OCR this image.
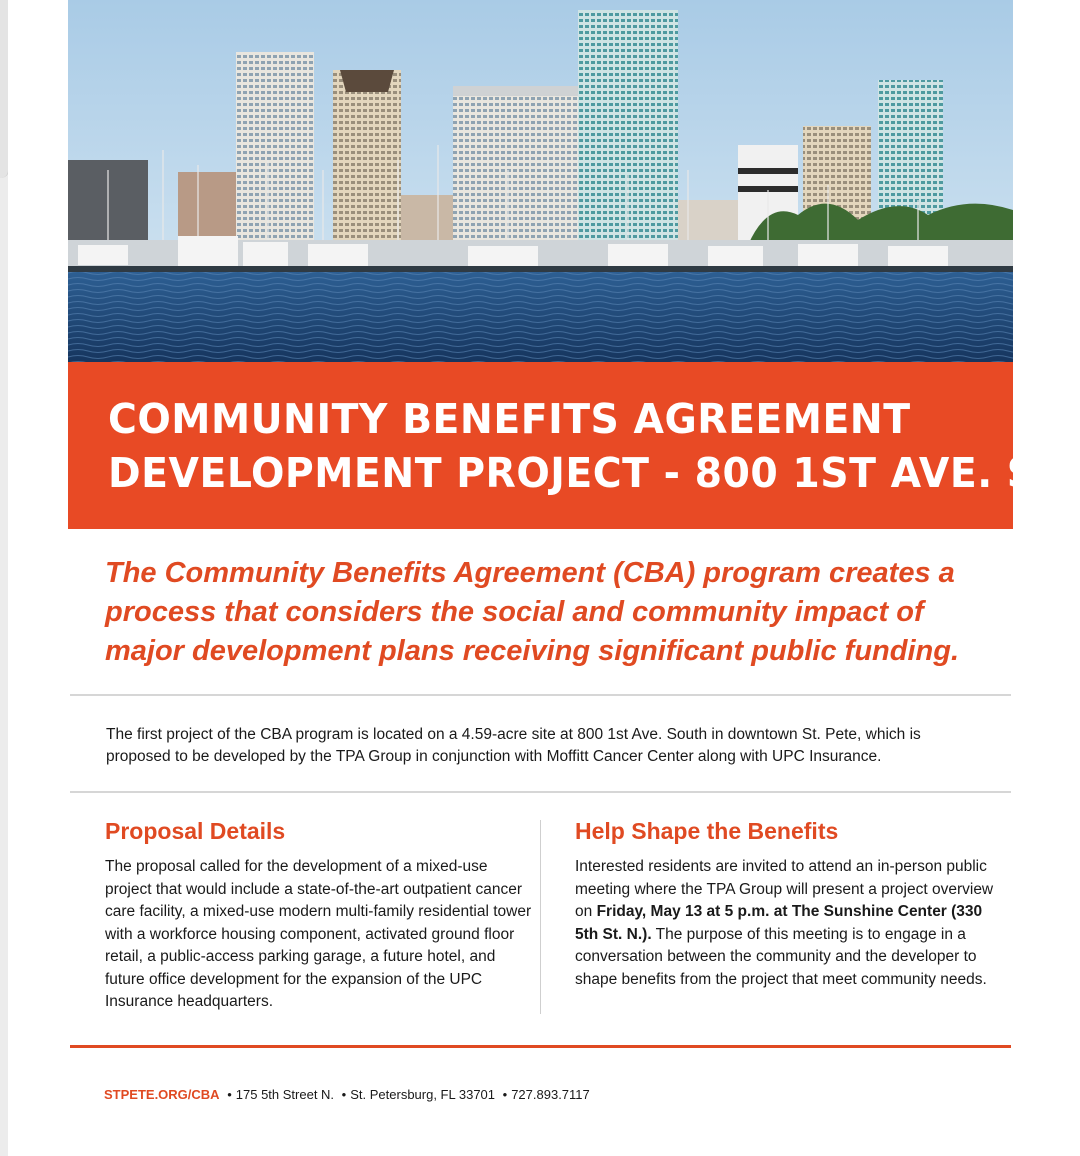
COMMUNITY BENEFITS AGREEMENT
DEVELOPMENT PROJECT - 800 1ST AVE. S.

The Community Benefits Agreement (CBA) program creates a process that considers the social and community impact of major development plans receiving significant public funding.

The first project of the CBA program is located on a 4.59-acre site at 800 1st Ave. South in downtown St. Pete, which is proposed to be developed by the TPA Group in conjunction with Moffitt Cancer Center along with UPC Insurance.

Proposal Details

The proposal called for the development of a mixed-use project that would include a state-of-the-art outpatient cancer care facility, a mixed-use modern multi-family residential tower with a workforce housing component, activated ground floor retail, a public-access parking garage, a future hotel, and future office development for the expansion of the UPC Insurance headquarters.

Help Shape the Benefits

Interested residents are invited to attend an in-person public meeting where the TPA Group will present a project overview on Friday, May 13 at 5 p.m. at The Sunshine Center (330 5th St. N.). The purpose of this meeting is to engage in a conversation between the community and the developer to shape benefits from the project that meet community needs.

STPETE.ORG/CBA • 175 5th Street N. • St. Petersburg, FL 33701 • 727.893.7117
